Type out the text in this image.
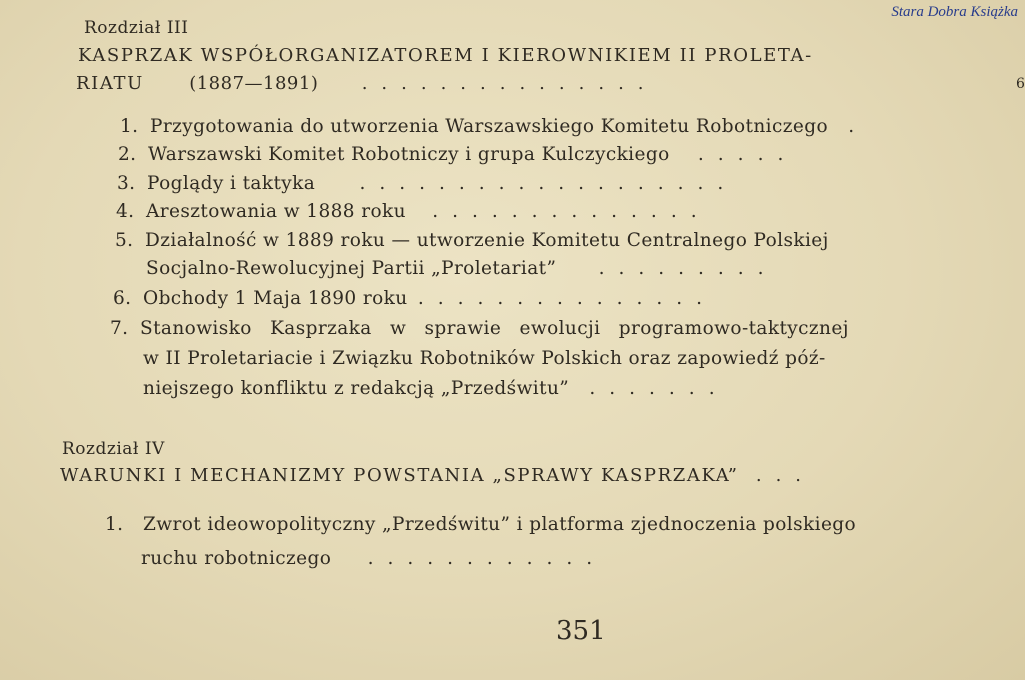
Stara Dobra Książka
6
Rozdział III
KASPRZAK WSPÓŁORGANIZATOREM I KIEROWNIKIEM II PROLETA-
RIATU	(1887—1891) ...............
1. Przygotowania do utworzenia Warszawskiego Komitetu Robotniczego .
2. Warszawski Komitet Robotniczy i grupa Kulczyckiego .....
3. Poglądy i taktyka ...................
4. Aresztowania w 1888 roku ..............
5. Działalność w 1889 roku — utworzenie Komitetu Centralnego Polskiej
Socjalno-Rewolucyjnej Partii „Proletariat” .........
6. Obchody 1 Maja 1890 roku ...............
7. Stanowisko Kasprzaka w sprawie ewolucji programowo-taktycznej
w II Proletariacie i Związku Robotników Polskich oraz zapowiedź póź-
niejszego konfliktu z redakcją „Przedświtu” .......
Rozdział IV
WARUNKI I MECHANIZMY POWSTANIA „SPRAWY KASPRZAKA” ...
1. Zwrot ideowopolityczny „Przedświtu” i platforma zjednoczenia polskiego
ruchu robotniczego ............
351
